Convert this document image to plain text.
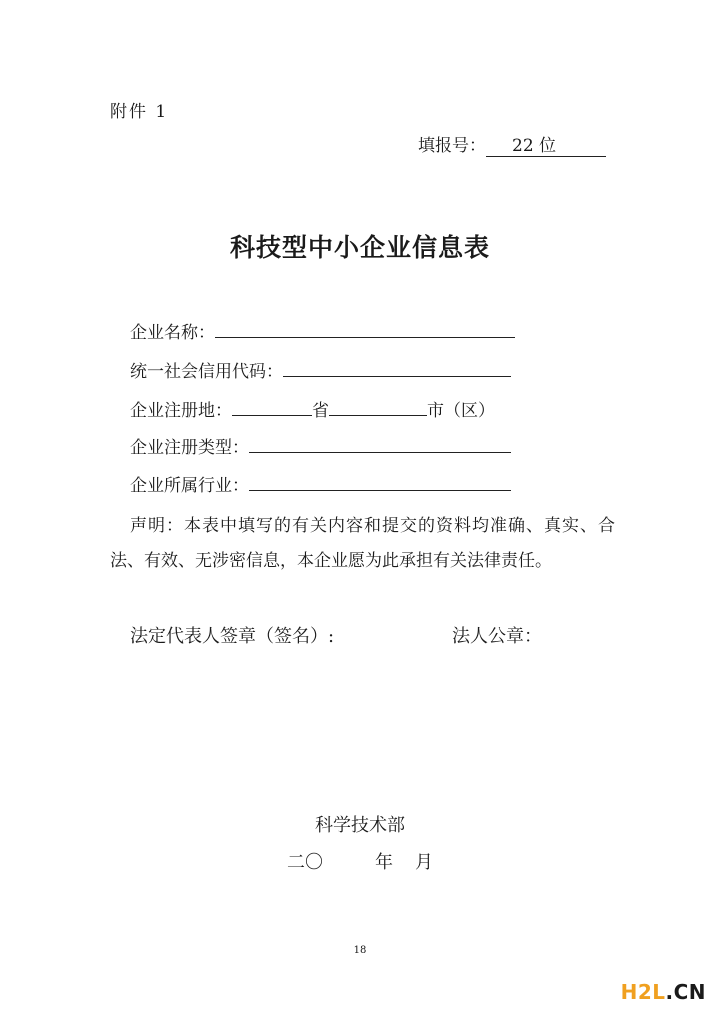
附件 1
填报号： 22 位
科技型中小企业信息表
企业名称：
统一社会信用代码：
企业注册地：	省	市（区）
企业注册类型：
企业所属行业：
声明：本表中填写的有关内容和提交的资料均准确、真实、合法、有效、无涉密信息，本企业愿为此承担有关法律责任。
法定代表人签章（签名）:	法人公章：
科学技术部
二〇	年 月
18
H2L.CN
